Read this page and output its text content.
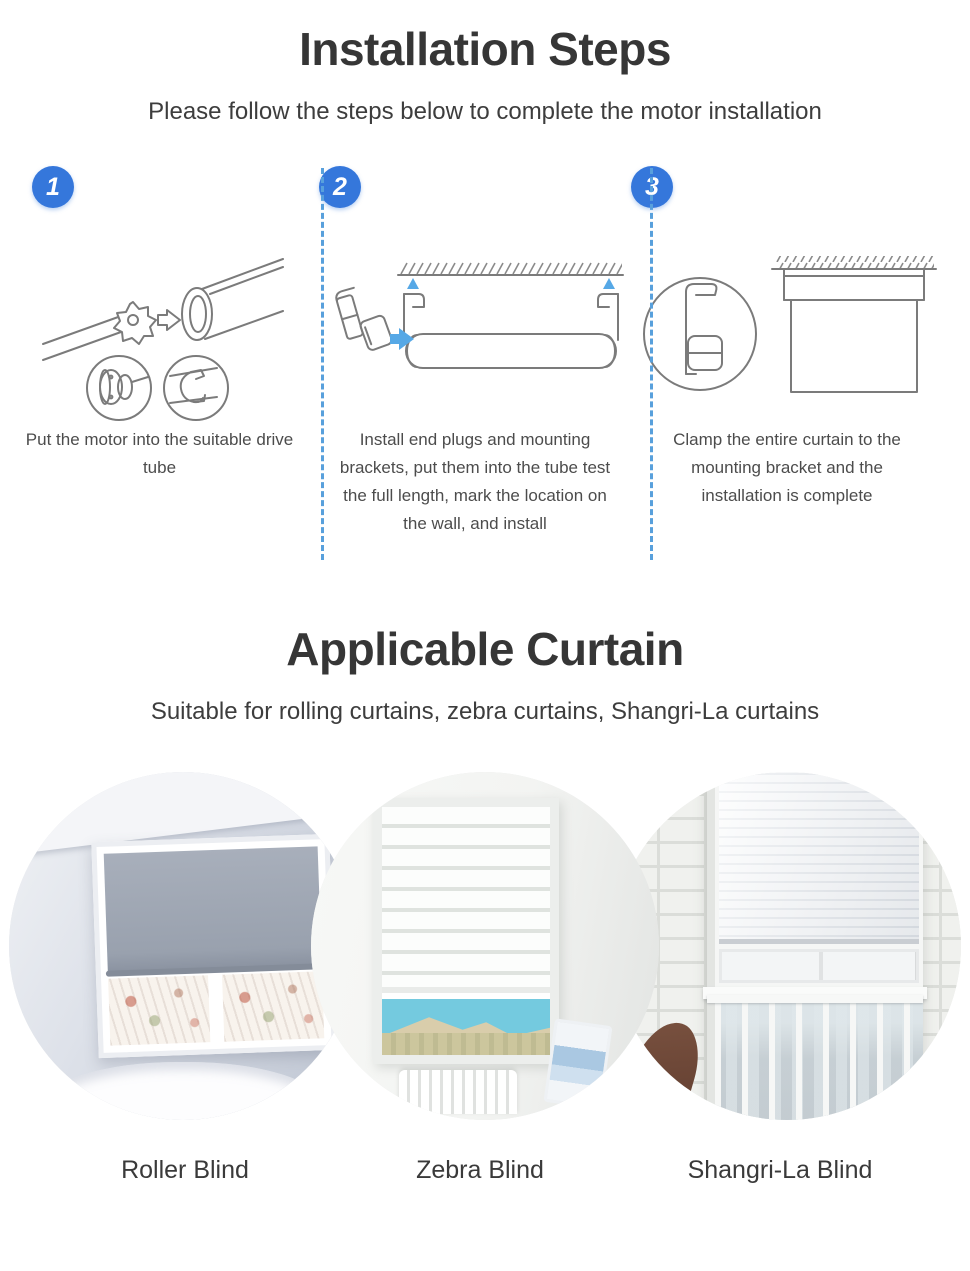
Installation Steps

Please follow the steps below to complete the motor installation

1

Put the motor into the suitable drive tube

2

Install end plugs and mounting brackets, put them into the tube test the full length, mark the location on the wall, and install

3

Clamp the entire curtain to the mounting bracket and the installation is complete

Applicable Curtain

Suitable for rolling curtains, zebra curtains, Shangri-La curtains

Roller Blind	Zebra Blind	Shangri-La Blind
